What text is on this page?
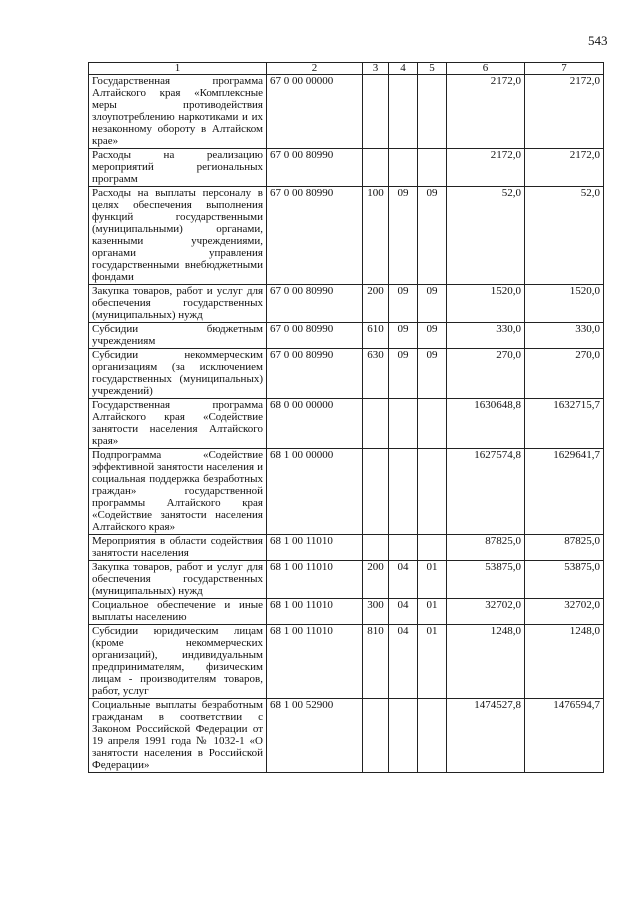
543
1	2	3	4	5	6	7
Государственная программа Алтайского края «Комплексные меры противодействия злоупотреблению наркотиками и их незаконному обороту в Алтайском крае»	67 0 00 00000				2172,0	2172,0
Расходы на реализацию мероприятий региональных программ	67 0 00 80990				2172,0	2172,0
Расходы на выплаты персоналу в целях обеспечения выполнения функций государственными (муниципальными) органами, казенными учреждениями, органами управления государственными внебюджетными фондами	67 0 00 80990	100	09	09	52,0	52,0
Закупка товаров, работ и услуг для обеспечения государственных (муниципальных) нужд	67 0 00 80990	200	09	09	1520,0	1520,0
Субсидии бюджетным учреждениям	67 0 00 80990	610	09	09	330,0	330,0
Субсидии некоммерческим организациям (за исключением государственных (муниципальных) учреждений)	67 0 00 80990	630	09	09	270,0	270,0
Государственная программа Алтайского края «Содействие занятости населения Алтайского края»	68 0 00 00000				1630648,8	1632715,7
Подпрограмма «Содействие эффективной занятости населения и социальная поддержка безработных граждан» государственной программы Алтайского края «Содействие занятости населения Алтайского края»	68 1 00 00000				1627574,8	1629641,7
Мероприятия в области содействия занятости населения	68 1 00 11010				87825,0	87825,0
Закупка товаров, работ и услуг для обеспечения государственных (муниципальных) нужд	68 1 00 11010	200	04	01	53875,0	53875,0
Социальное обеспечение и иные выплаты населению	68 1 00 11010	300	04	01	32702,0	32702,0
Субсидии юридическим лицам (кроме некоммерческих организаций), индивидуальным предпринимателям, физическим лицам - производителям товаров, работ, услуг	68 1 00 11010	810	04	01	1248,0	1248,0
Социальные выплаты безработным гражданам в соответствии с Законом Российской Федерации от 19 апреля 1991 года № 1032-1 «О занятости населения в Российской Федерации»	68 1 00 52900				1474527,8	1476594,7
